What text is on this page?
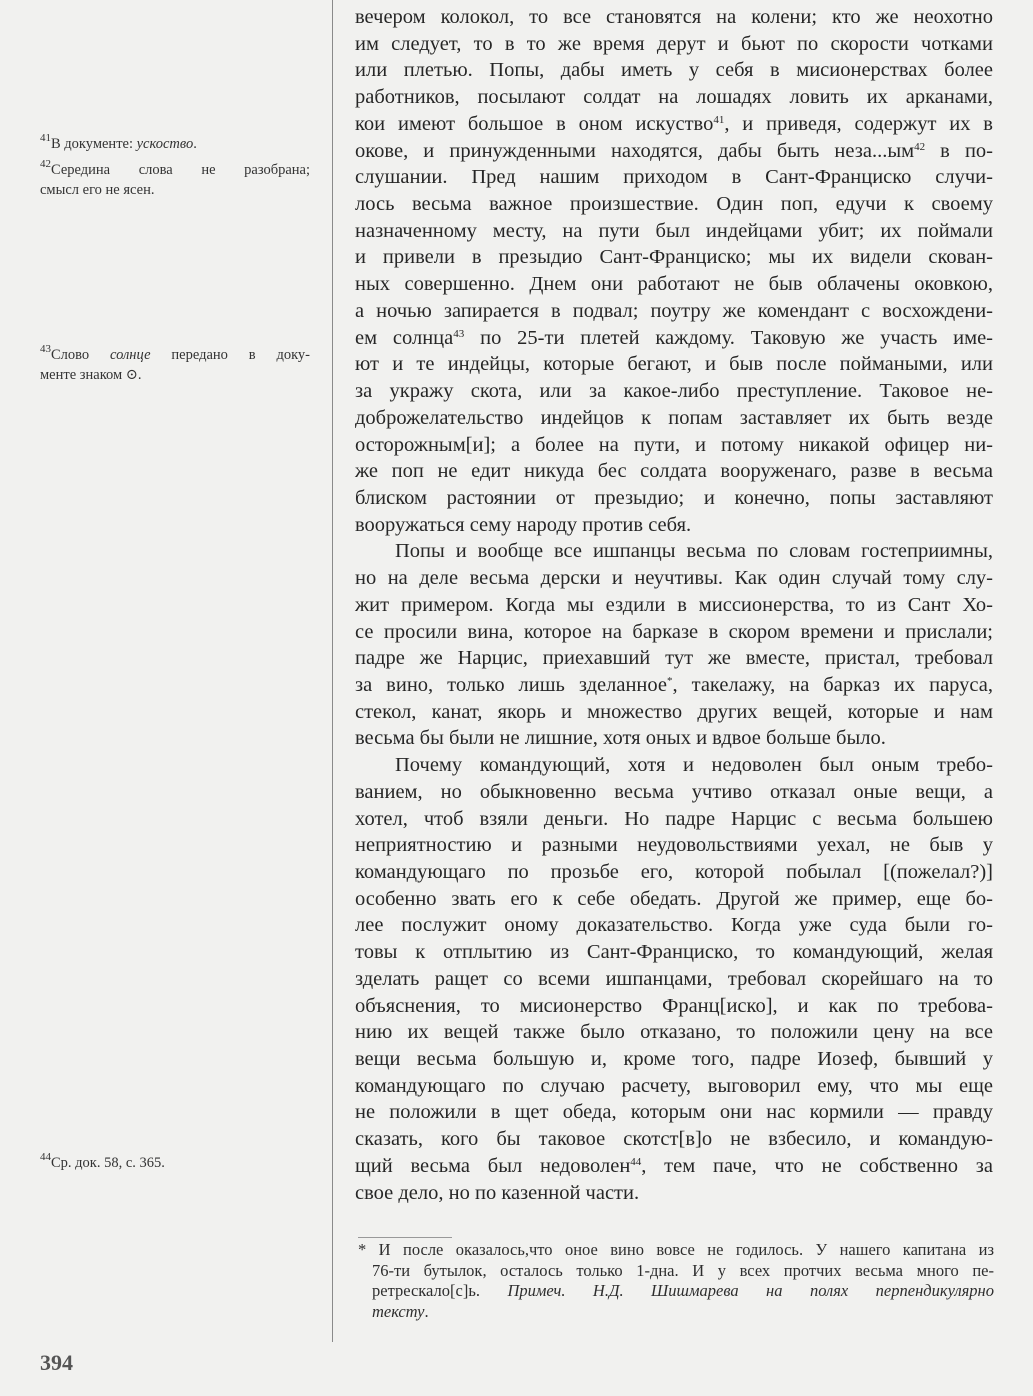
$^{41}$В документе: ускоство.
$^{42}$Середина слова не разобрана;
смысл его не ясен.
$^{43}$Слово солнце передано в доку-
менте знаком ⊙.
$^{44}$Ср. док. 58, с. 365.
вечером колокол, то все становятся на колени; кто же неохотно
им следует, то в то же время дерут и бьют по скорости чотками
или плетью. Попы, дабы иметь у себя в мисионерствах более
работников, посылают солдат на лошадях ловить их арканами,
кои имеют большое в оном искуство$^{41}$, и приведя, содержут их в
окове, и принужденными находятся, дабы быть $неза...ым^{42}$ в по-
слушании. Пред нашим приходом в Сант-Франциско случи-
лось весьма важное произшествие. Один поп, едучи к своему
назначенному месту, на пути был индейцами убит; их поймали
и привели в презыдио Сант-Франциско; мы их видели скован-
ных совершенно. Днем они работают не быв облачены оковкою,
а ночью запирается в подвал; поутру же комендант с восхождени-
ем солнца$^{43}$ по 25-ти плетей каждому. Таковую же участь име-
ют и те индейцы, которые бегают, и быв после поймаными, или
за укражу скота, или за какое-либо преступление. Таковое не-
доброжелательство индейцов к попам заставляет их быть везде
осторожным[и]; а более на пути, и потому никакой офицер ни-
же поп не едит никуда бес солдата вооруженаго, разве в весьма
блиском растоянии от презыдио; и конечно, попы заставляют
вооружаться сему народу против себя.
Попы и вообще все ишпанцы весьма по словам гостеприимны,
но на деле весьма дерски и неучтивы. Как один случай тому слу-
жит примером. Когда мы ездили в миссионерства, то из Сант Хо-
се просили вина, которое на барказе в скором времени и прислали;
падре же Нарцис, приехавший тут же вместе, пристал, требовал
за вино, только лишь зделанное*, такелажу, на барказ их паруса,
стекол, канат, якорь и множество других вещей, которые и нам
весьма бы были не лишние, хотя оных и вдвое больше было.
Почему командующий, хотя и недоволен был оным требо-
ванием, но обыкновенно весьма учтиво отказал оные вещи, а
хотел, чтоб взяли деньги. Но падре Нарцис с весьма большею
неприятностию и разными неудовольствиями уехал, не быв у
командующаго по прозьбе его, которой побылал [(пожелал?)]
особенно звать его к себе обедать. Другой же пример, еще бо-
лее послужит оному доказательство. Когда уже суда были го-
товы к отплытию из Сант-Франциско, то командующий, желая
зделать ращет со всеми ишпанцами, требовал скорейшаго на то
объяснения, то мисионерство Франц[иско], и как по требова-
нию их вещей также было отказано, то положили цену на все
вещи весьма большую и, кроме того, падре Иозеф, бывший у
командующаго по случаю расчету, выговорил ему, что мы еще
не положили в щет обеда, которым они нас кормили — правду
сказать, кого бы таковое скотст[в]о не взбесило, и командую-
щий весьма был недоволен$^{44}$, тем паче, что не собственно за
свое дело, но по казенной части.
* И после оказалось,что оное вино вовсе не годилось. У нашего капитана из
76-ти бутылок, осталось только 1-дна. И у всех протчих весьма много пе-
ретрескало[с]ь. Примеч. Н.Д. Шишмарева на полях перпендикулярно
тексту.
394
